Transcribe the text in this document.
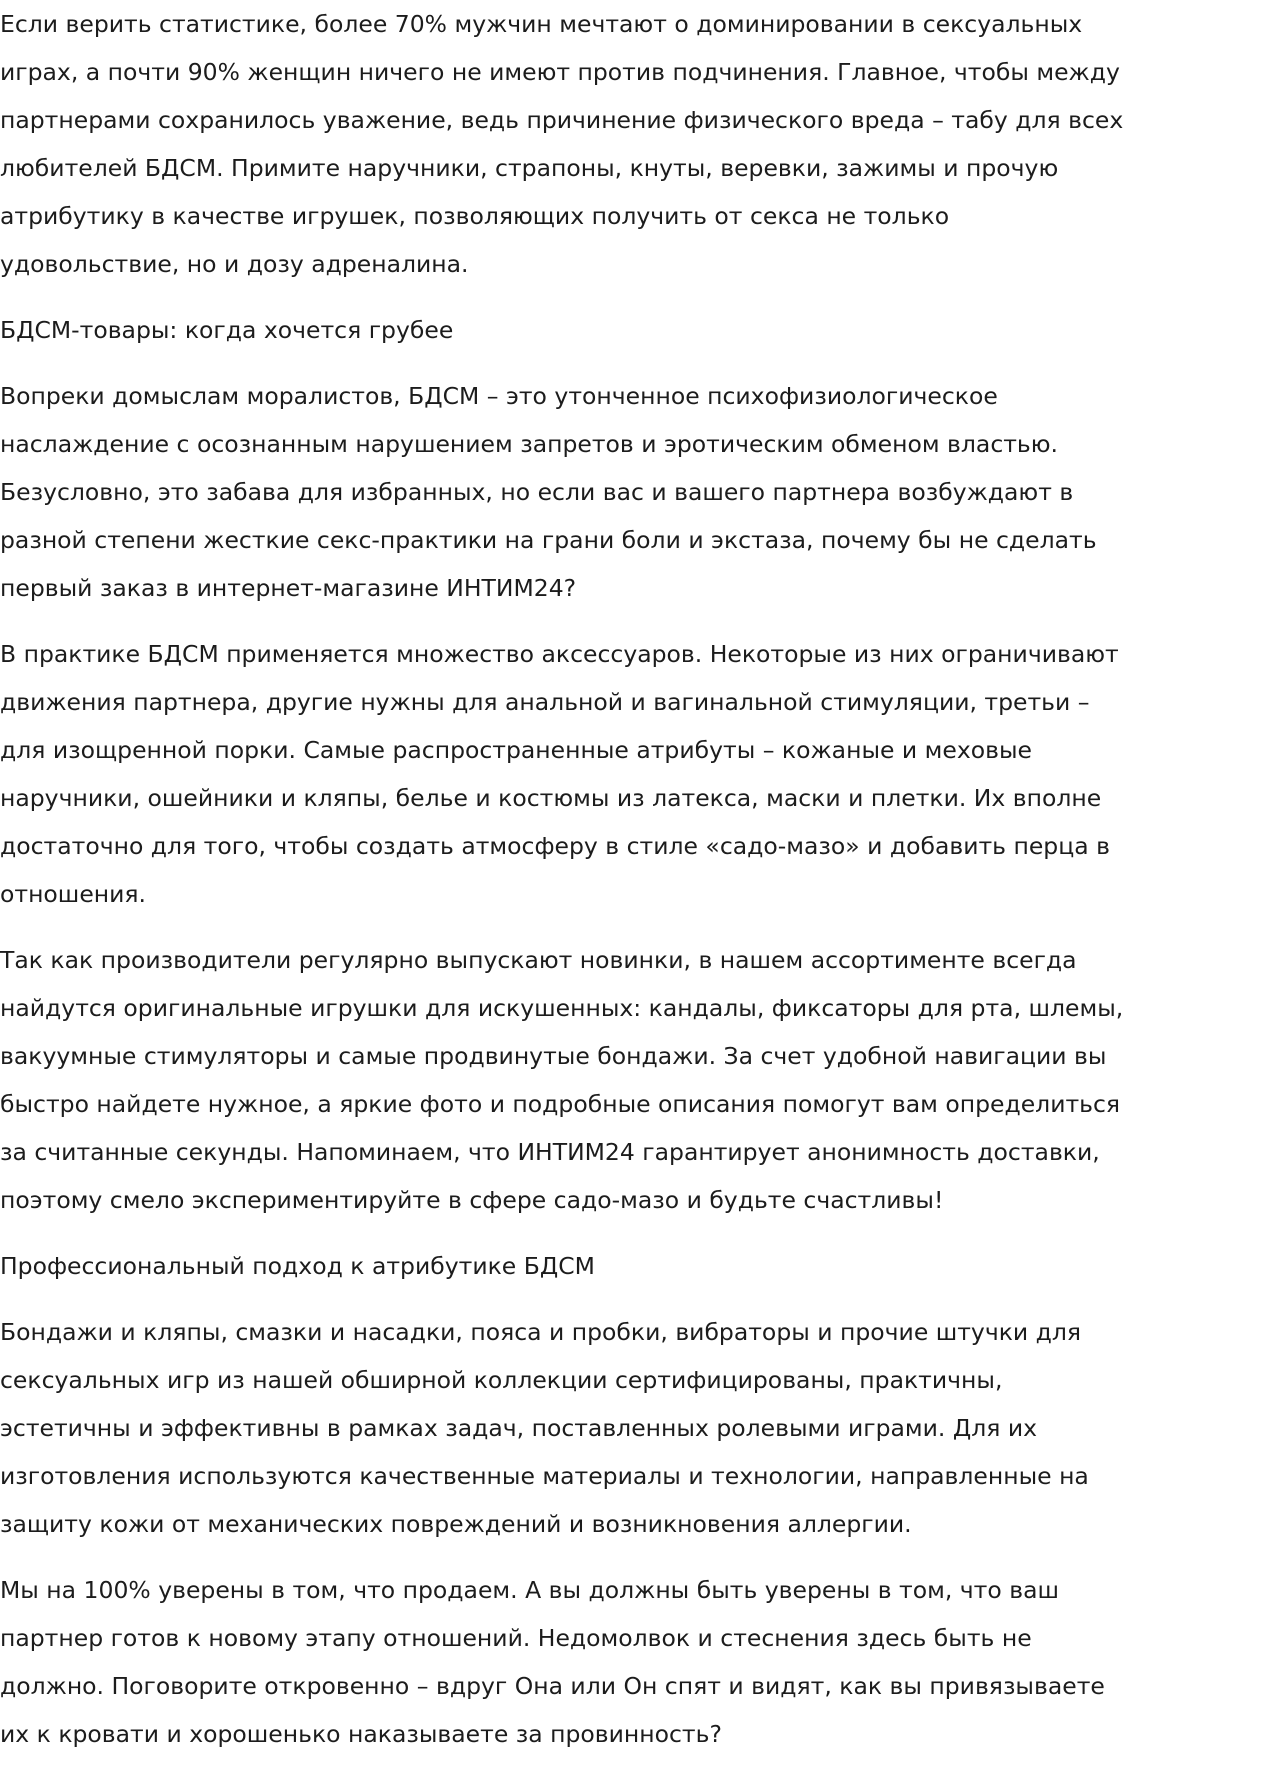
Если верить статистике, более 70% мужчин мечтают о доминировании в сексуальных играх, а почти 90% женщин ничего не имеют против подчинения. Главное, чтобы между партнерами сохранилось уважение, ведь причинение физического вреда – табу для всех любителей БДСМ. Примите наручники, страпоны, кнуты, веревки, зажимы и прочую атрибутику в качестве игрушек, позволяющих получить от секса не только удовольствие, но и дозу адреналина.

БДСМ-товары: когда хочется грубее

Вопреки домыслам моралистов, БДСМ – это утонченное психофизиологическое наслаждение с осознанным нарушением запретов и эротическим обменом властью. Безусловно, это забава для избранных, но если вас и вашего партнера возбуждают в разной степени жесткие секс-практики на грани боли и экстаза, почему бы не сделать первый заказ в интернет-магазине ИНТИМ24?

В практике БДСМ применяется множество аксессуаров. Некоторые из них ограничивают движения партнера, другие нужны для анальной и вагинальной стимуляции, третьи – для изощренной порки. Самые распространенные атрибуты – кожаные и меховые наручники, ошейники и кляпы, белье и костюмы из латекса, маски и плетки. Их вполне достаточно для того, чтобы создать атмосферу в стиле «садо-мазо» и добавить перца в отношения.

Так как производители регулярно выпускают новинки, в нашем ассортименте всегда найдутся оригинальные игрушки для искушенных: кандалы, фиксаторы для рта, шлемы, вакуумные стимуляторы и самые продвинутые бондажи. За счет удобной навигации вы быстро найдете нужное, а яркие фото и подробные описания помогут вам определиться за считанные секунды. Напоминаем, что ИНТИМ24 гарантирует анонимность доставки, поэтому смело экспериментируйте в сфере садо-мазо и будьте счастливы!

Профессиональный подход к атрибутике БДСМ

Бондажи и кляпы, смазки и насадки, пояса и пробки, вибраторы и прочие штучки для сексуальных игр из нашей обширной коллекции сертифицированы, практичны, эстетичны и эффективны в рамках задач, поставленных ролевыми играми. Для их изготовления используются качественные материалы и технологии, направленные на защиту кожи от механических повреждений и возникновения аллергии.

Мы на 100% уверены в том, что продаем. А вы должны быть уверены в том, что ваш партнер готов к новому этапу отношений. Недомолвок и стеснения здесь быть не должно. Поговорите откровенно – вдруг Она или Он спят и видят, как вы привязываете их к кровати и хорошенько наказываете за провинность?
